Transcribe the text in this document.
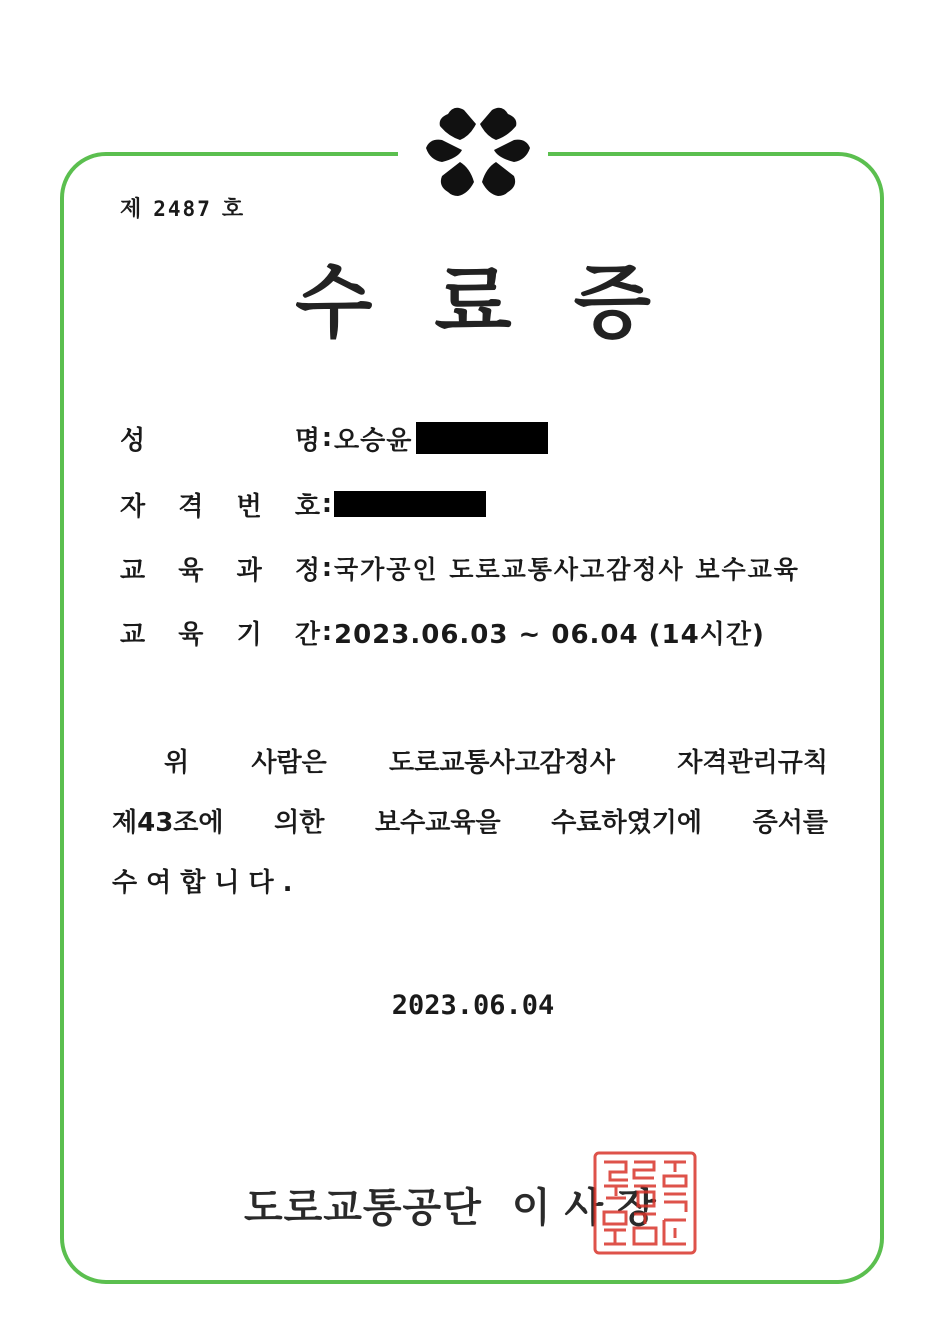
제 2487 호
수료증
성	명 : 오승윤
자 격 번 호 :
교 육 과 정 : 국가공인 도로교통사고감정사 보수교육
교 육 기 간 : 2023.06.03 ~ 06.04 (14시간)
위 사람은 도로교통사고감정사 자격관리규칙
제43조에 의한 보수교육을 수료하였기에 증서를
수여합니다.
2023.06.04
도로교통공단 이사장
